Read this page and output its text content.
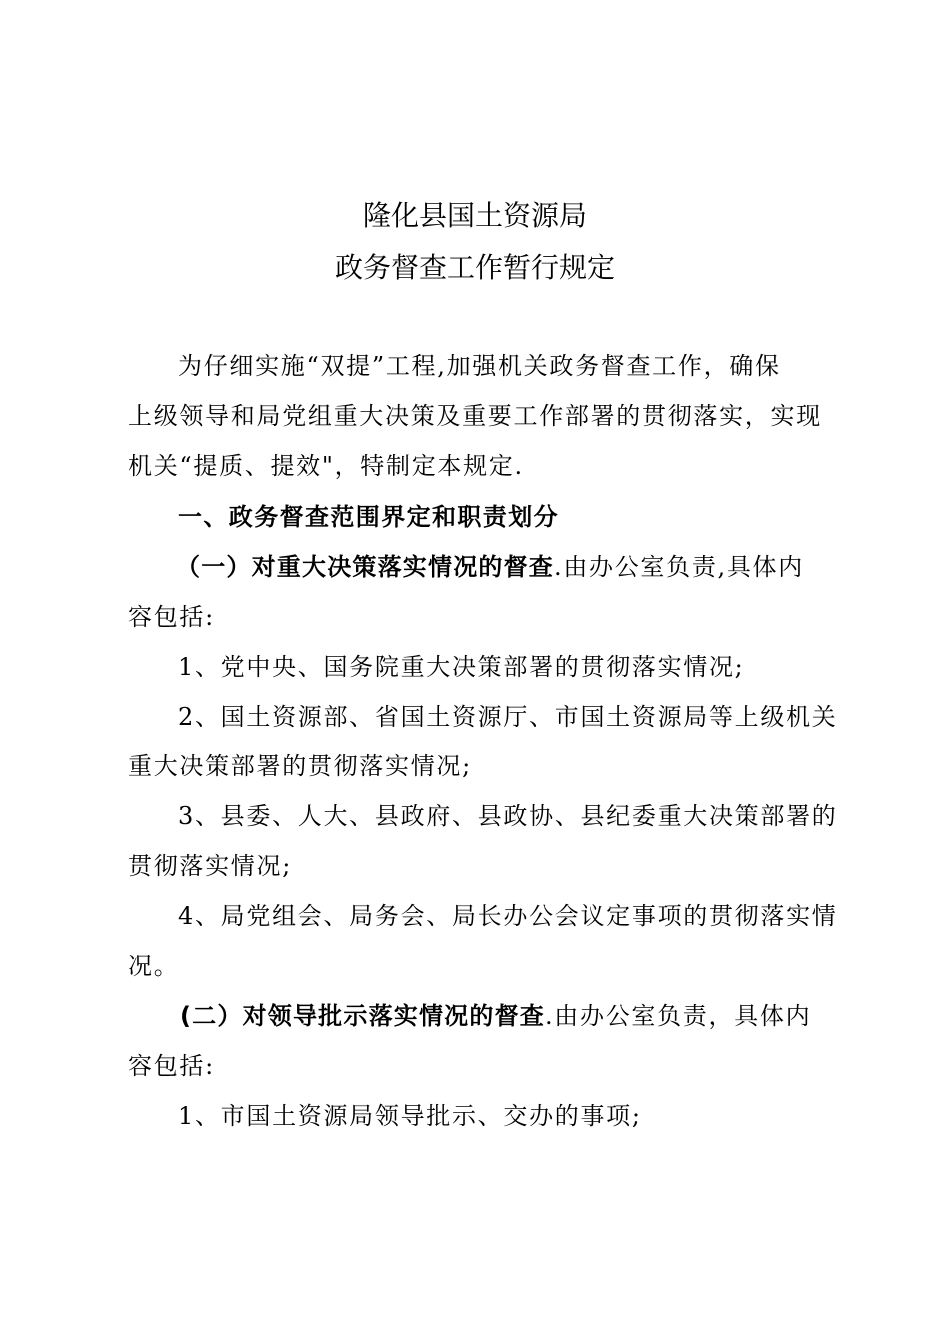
隆化县国土资源局
政务督查工作暂行规定
为仔细实施“双提”工程,加强机关政务督查工作，确保
上级领导和局党组重大决策及重要工作部署的贯彻落实，实现
机关“提质、提效"，特制定本规定.
一、政务督查范围界定和职责划分
（一）对重大决策落实情况的督查.由办公室负责,具体内
容包括:
1、党中央、国务院重大决策部署的贯彻落实情况;
2、国土资源部、省国土资源厅、市国土资源局等上级机关
重大决策部署的贯彻落实情况;
3、县委、人大、县政府、县政协、县纪委重大决策部署的
贯彻落实情况;
4、局党组会、局务会、局长办公会议定事项的贯彻落实情
况。
(二）对领导批示落实情况的督查.由办公室负责，具体内
容包括:
1、市国土资源局领导批示、交办的事项;
